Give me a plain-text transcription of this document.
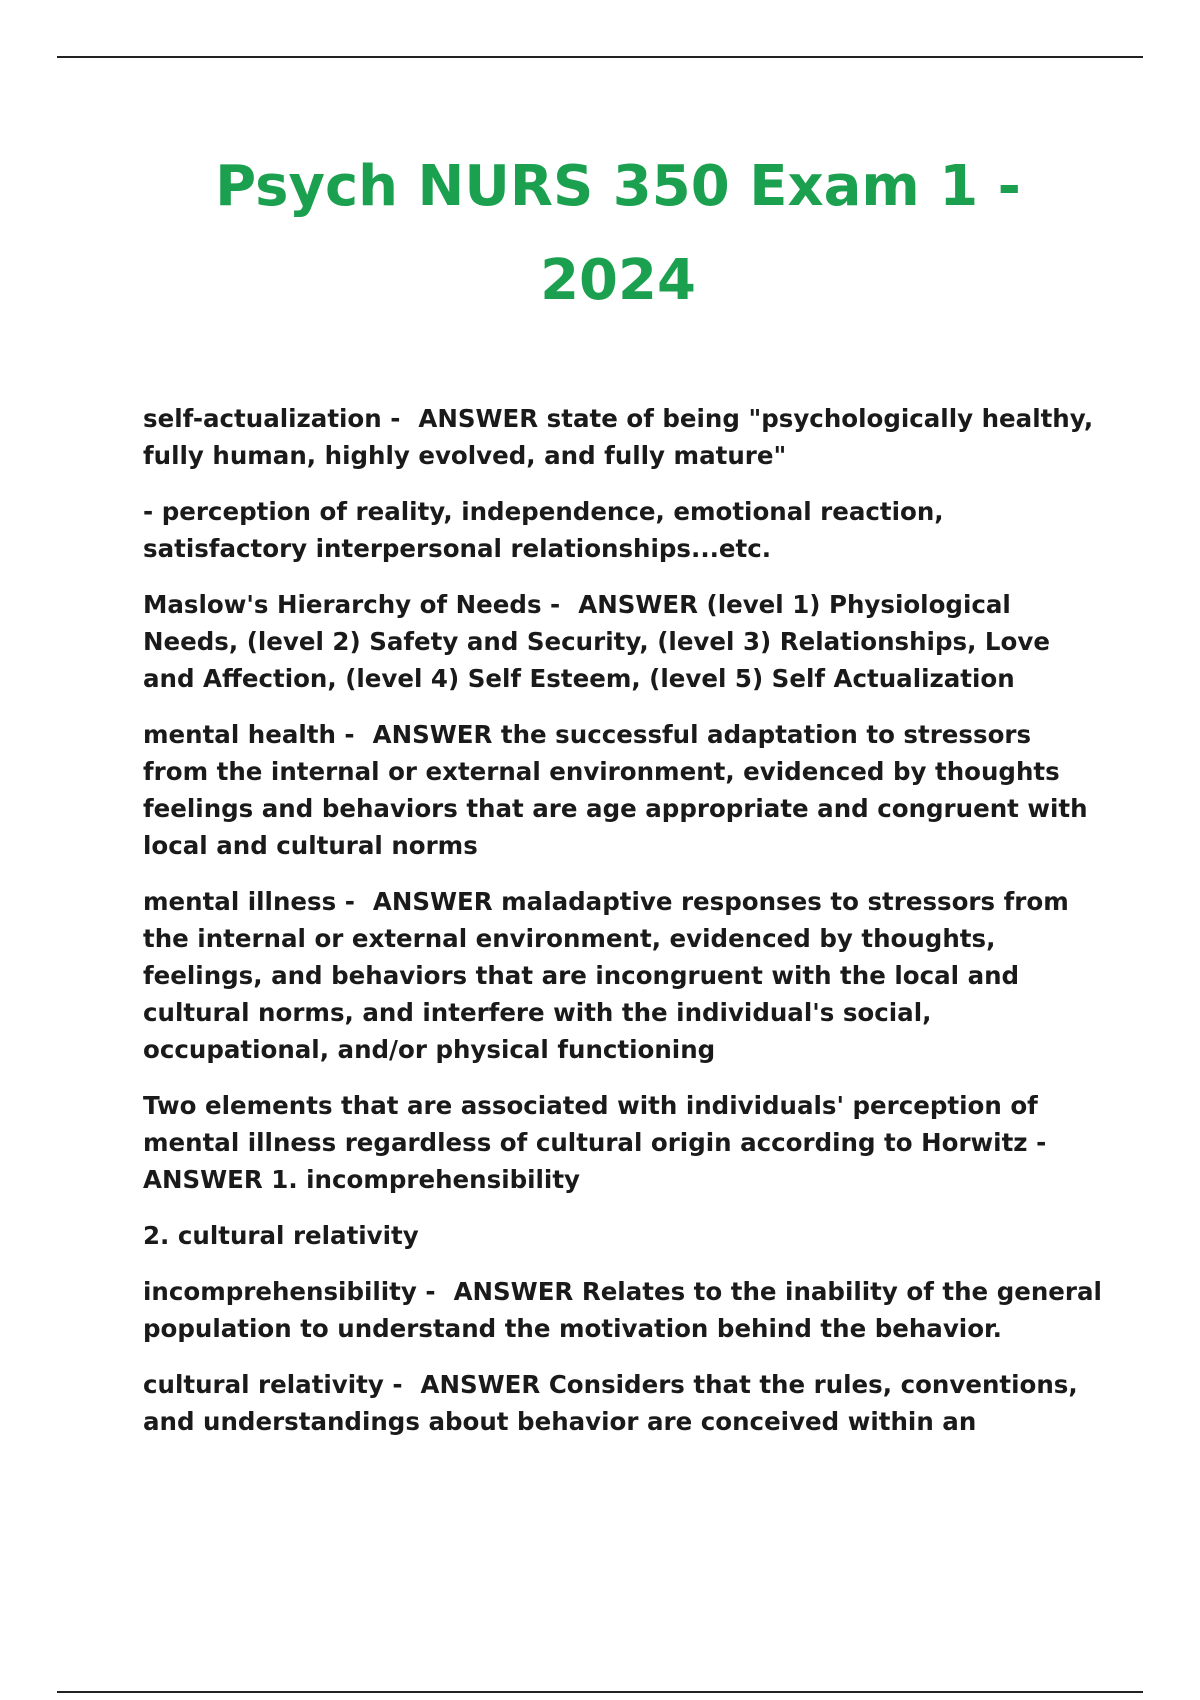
Psych NURS 350 Exam 1 - 2024

self-actualization - ANSWER state of being "psychologically healthy, fully human, highly evolved, and fully mature"

- perception of reality, independence, emotional reaction, satisfactory interpersonal relationships...etc.

Maslow's Hierarchy of Needs - ANSWER (level 1) Physiological Needs, (level 2) Safety and Security, (level 3) Relationships, Love and Affection, (level 4) Self Esteem, (level 5) Self Actualization

mental health - ANSWER the successful adaptation to stressors from the internal or external environment, evidenced by thoughts feelings and behaviors that are age appropriate and congruent with local and cultural norms

mental illness - ANSWER maladaptive responses to stressors from the internal or external environment, evidenced by thoughts, feelings, and behaviors that are incongruent with the local and cultural norms, and interfere with the individual's social, occupational, and/or physical functioning

Two elements that are associated with individuals' perception of mental illness regardless of cultural origin according to Horwitz - ANSWER 1. incomprehensibility

2. cultural relativity

incomprehensibility - ANSWER Relates to the inability of the general population to understand the motivation behind the behavior.

cultural relativity - ANSWER Considers that the rules, conventions, and understandings about behavior are conceived within an
